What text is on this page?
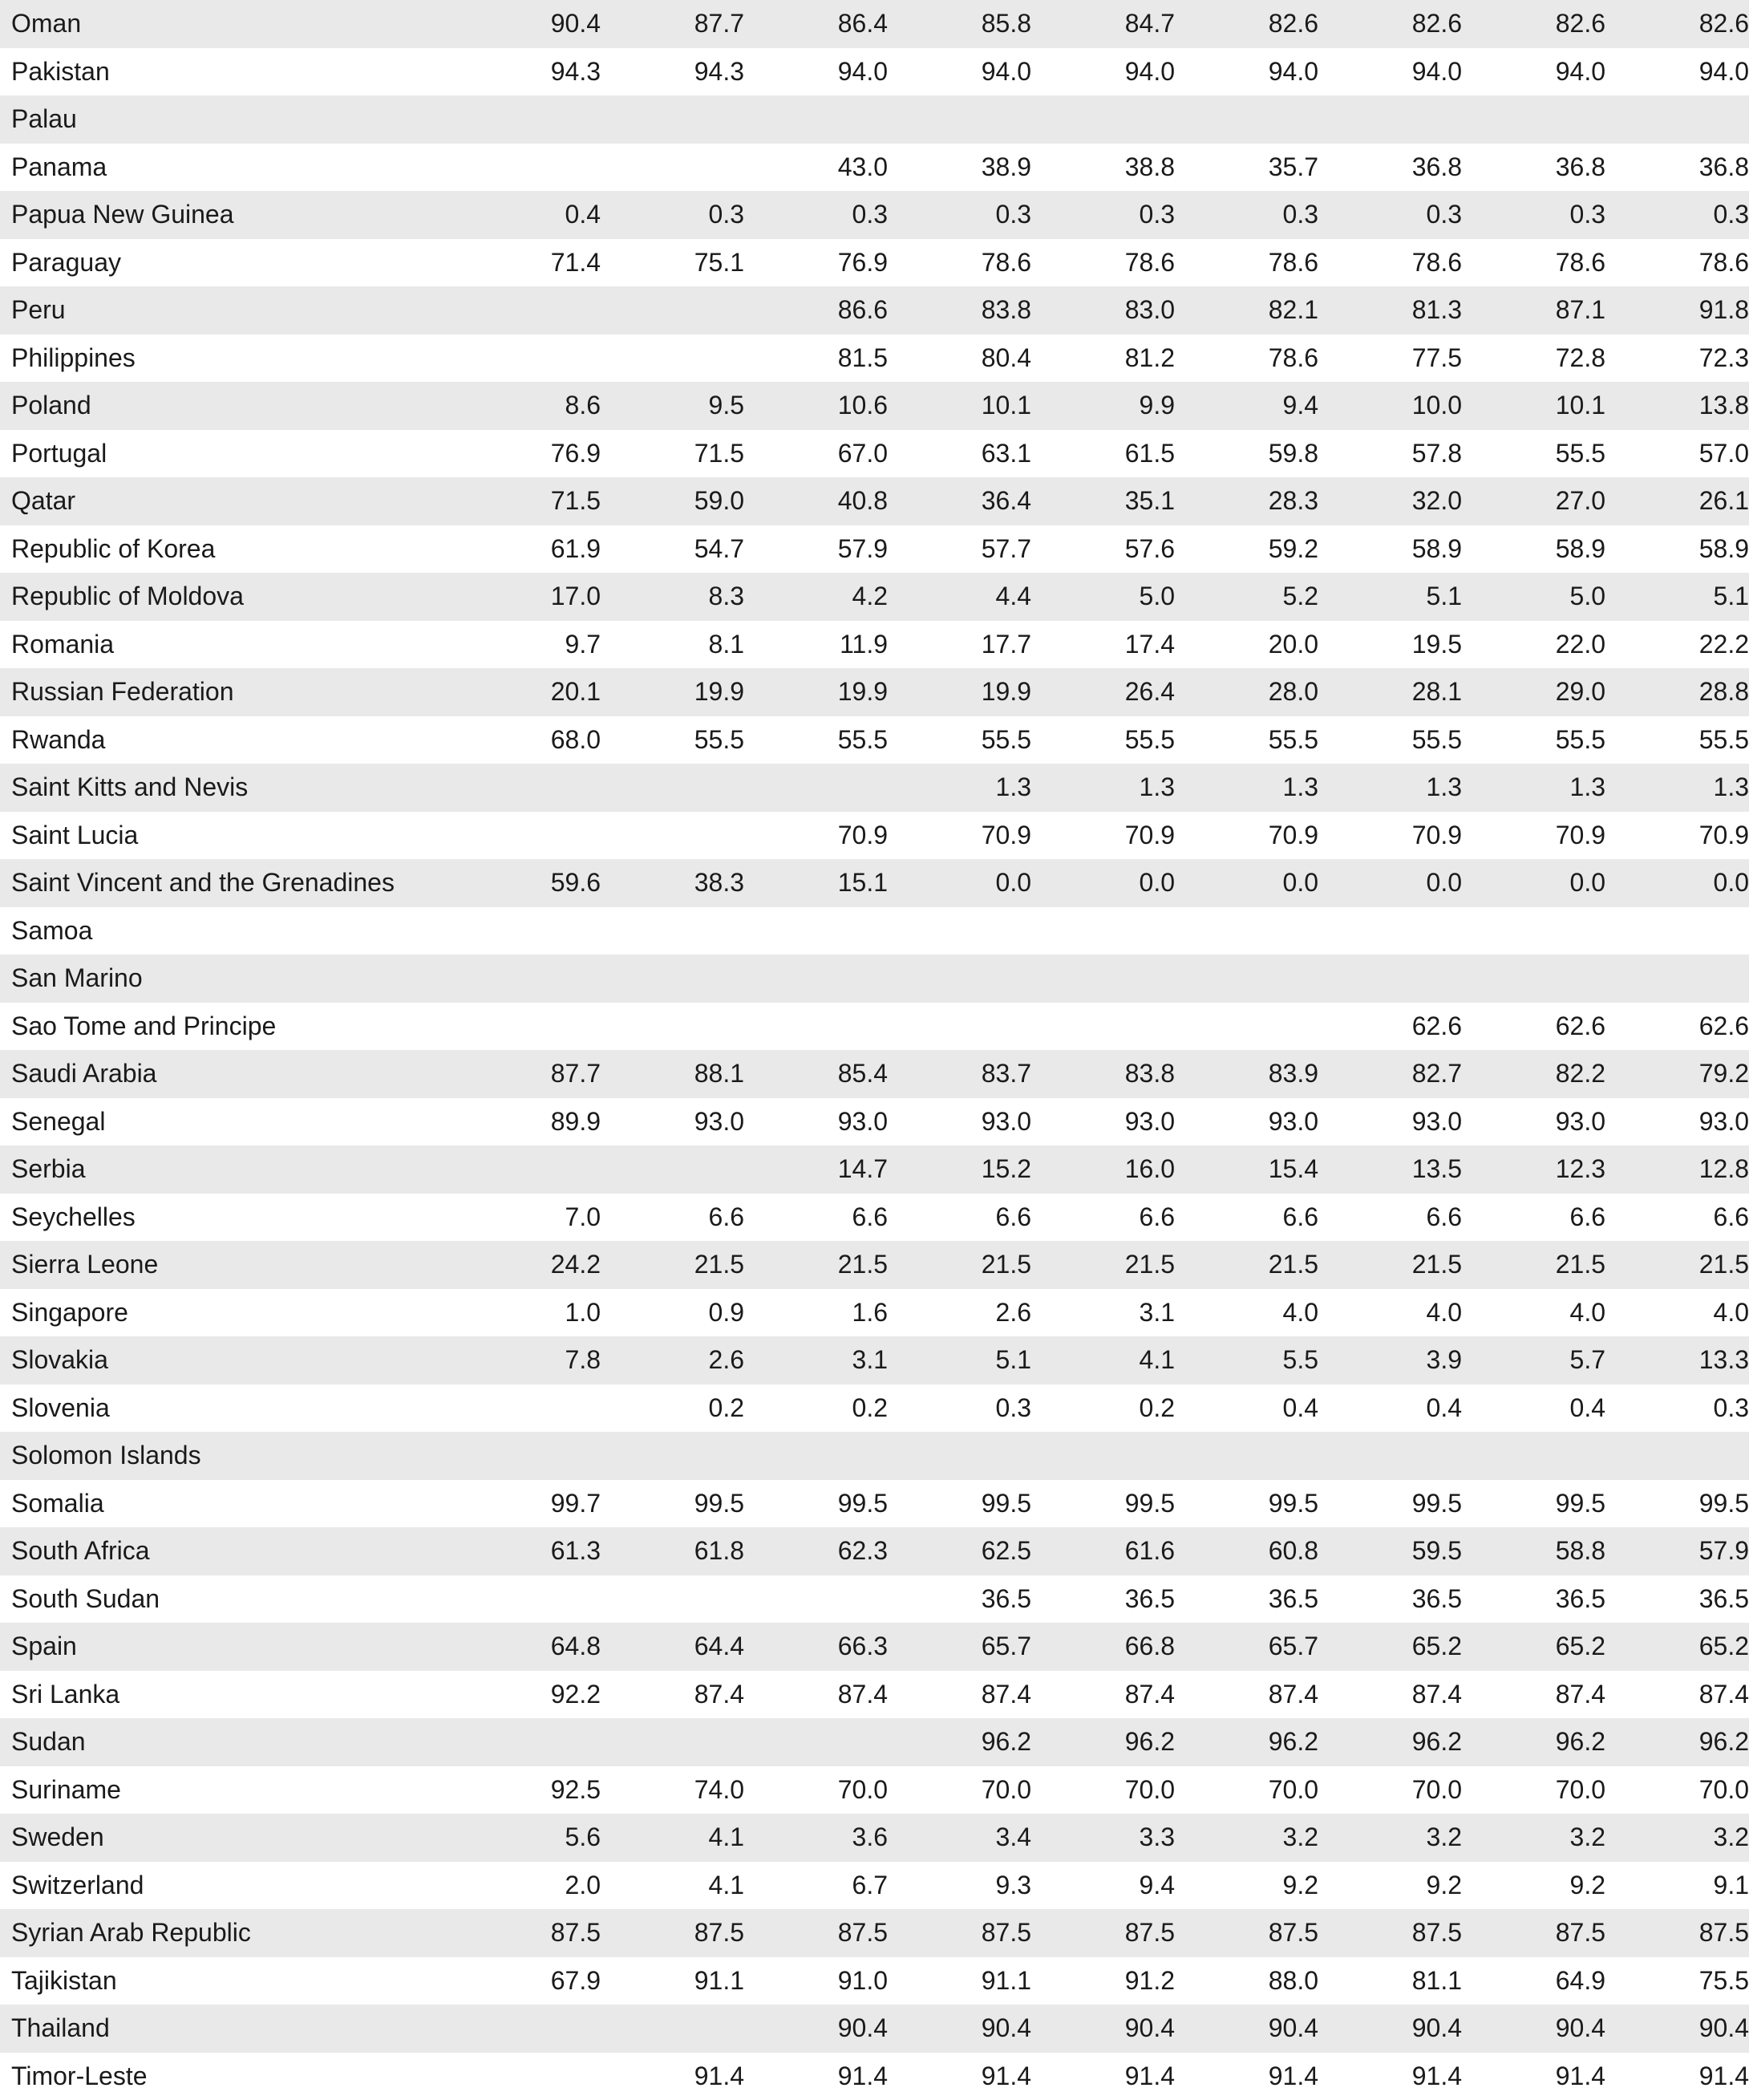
Oman	90.4	87.7	86.4	85.8	84.7	82.6	82.6	82.6	82.6
Pakistan	94.3	94.3	94.0	94.0	94.0	94.0	94.0	94.0	94.0
Palau									
Panama			43.0	38.9	38.8	35.7	36.8	36.8	36.8
Papua New Guinea	0.4	0.3	0.3	0.3	0.3	0.3	0.3	0.3	0.3
Paraguay	71.4	75.1	76.9	78.6	78.6	78.6	78.6	78.6	78.6
Peru			86.6	83.8	83.0	82.1	81.3	87.1	91.8
Philippines			81.5	80.4	81.2	78.6	77.5	72.8	72.3
Poland	8.6	9.5	10.6	10.1	9.9	9.4	10.0	10.1	13.8
Portugal	76.9	71.5	67.0	63.1	61.5	59.8	57.8	55.5	57.0
Qatar	71.5	59.0	40.8	36.4	35.1	28.3	32.0	27.0	26.1
Republic of Korea	61.9	54.7	57.9	57.7	57.6	59.2	58.9	58.9	58.9
Republic of Moldova	17.0	8.3	4.2	4.4	5.0	5.2	5.1	5.0	5.1
Romania	9.7	8.1	11.9	17.7	17.4	20.0	19.5	22.0	22.2
Russian Federation	20.1	19.9	19.9	19.9	26.4	28.0	28.1	29.0	28.8
Rwanda	68.0	55.5	55.5	55.5	55.5	55.5	55.5	55.5	55.5
Saint Kitts and Nevis				1.3	1.3	1.3	1.3	1.3	1.3
Saint Lucia			70.9	70.9	70.9	70.9	70.9	70.9	70.9
Saint Vincent and the Grenadines	59.6	38.3	15.1	0.0	0.0	0.0	0.0	0.0	0.0
Samoa									
San Marino									
Sao Tome and Principe							62.6	62.6	62.6
Saudi Arabia	87.7	88.1	85.4	83.7	83.8	83.9	82.7	82.2	79.2
Senegal	89.9	93.0	93.0	93.0	93.0	93.0	93.0	93.0	93.0
Serbia			14.7	15.2	16.0	15.4	13.5	12.3	12.8
Seychelles	7.0	6.6	6.6	6.6	6.6	6.6	6.6	6.6	6.6
Sierra Leone	24.2	21.5	21.5	21.5	21.5	21.5	21.5	21.5	21.5
Singapore	1.0	0.9	1.6	2.6	3.1	4.0	4.0	4.0	4.0
Slovakia	7.8	2.6	3.1	5.1	4.1	5.5	3.9	5.7	13.3
Slovenia		0.2	0.2	0.3	0.2	0.4	0.4	0.4	0.3
Solomon Islands									
Somalia	99.7	99.5	99.5	99.5	99.5	99.5	99.5	99.5	99.5
South Africa	61.3	61.8	62.3	62.5	61.6	60.8	59.5	58.8	57.9
South Sudan				36.5	36.5	36.5	36.5	36.5	36.5
Spain	64.8	64.4	66.3	65.7	66.8	65.7	65.2	65.2	65.2
Sri Lanka	92.2	87.4	87.4	87.4	87.4	87.4	87.4	87.4	87.4
Sudan				96.2	96.2	96.2	96.2	96.2	96.2
Suriname	92.5	74.0	70.0	70.0	70.0	70.0	70.0	70.0	70.0
Sweden	5.6	4.1	3.6	3.4	3.3	3.2	3.2	3.2	3.2
Switzerland	2.0	4.1	6.7	9.3	9.4	9.2	9.2	9.2	9.1
Syrian Arab Republic	87.5	87.5	87.5	87.5	87.5	87.5	87.5	87.5	87.5
Tajikistan	67.9	91.1	91.0	91.1	91.2	88.0	81.1	64.9	75.5
Thailand			90.4	90.4	90.4	90.4	90.4	90.4	90.4
Timor-Leste		91.4	91.4	91.4	91.4	91.4	91.4	91.4	91.4
